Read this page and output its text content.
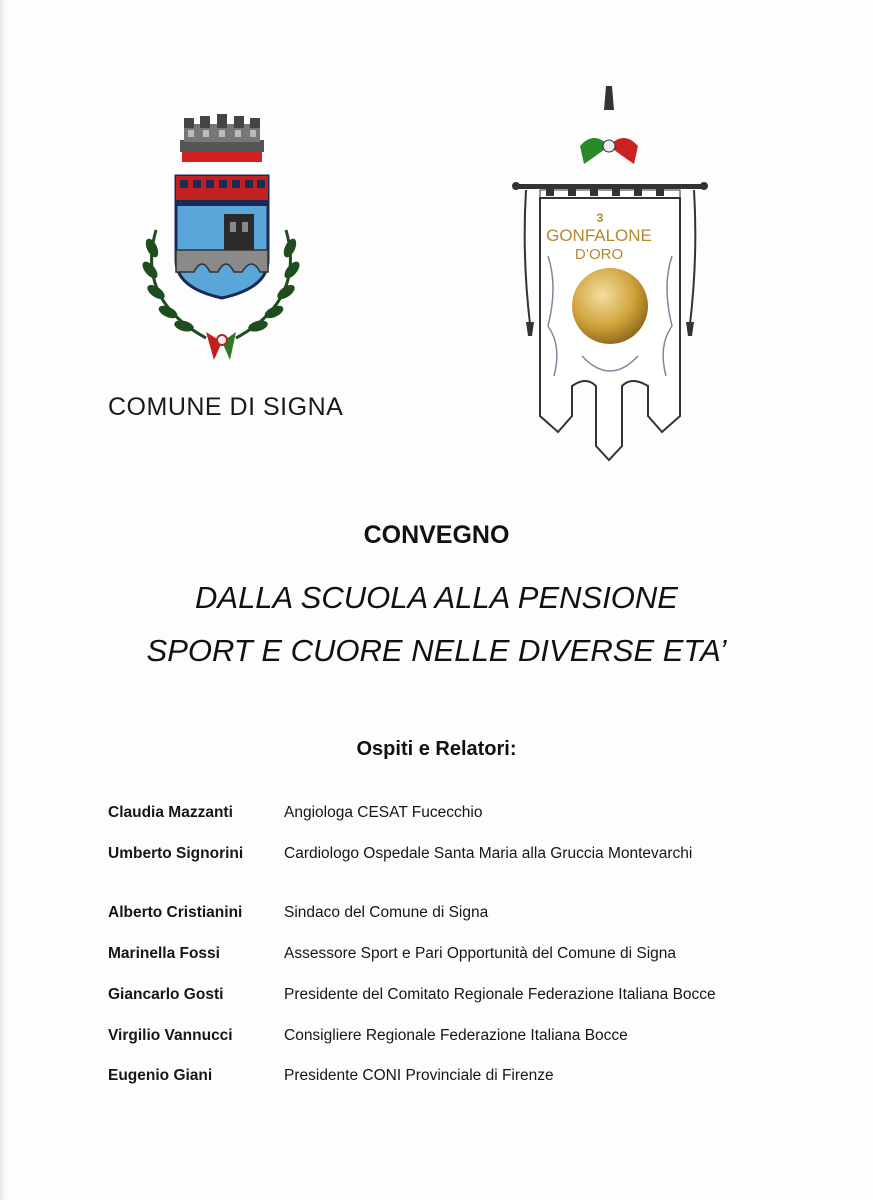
COMUNE DI SIGNA
3
GONFALONE
D’ORO
CONVEGNO
DALLA SCUOLA ALLA PENSIONE
SPORT E CUORE NELLE DIVERSE ETA’
Ospiti e Relatori:
Claudia Mazzanti	Angiologa CESAT Fucecchio
Umberto Signorini	Cardiologo Ospedale Santa Maria alla Gruccia Montevarchi
Alberto Cristianini	Sindaco del Comune di Signa
Marinella Fossi	Assessore Sport e Pari Opportunità del Comune di Signa
Giancarlo Gosti	Presidente del Comitato Regionale Federazione Italiana Bocce
Virgilio Vannucci	Consigliere Regionale Federazione Italiana Bocce
Eugenio Giani	Presidente CONI Provinciale di Firenze
